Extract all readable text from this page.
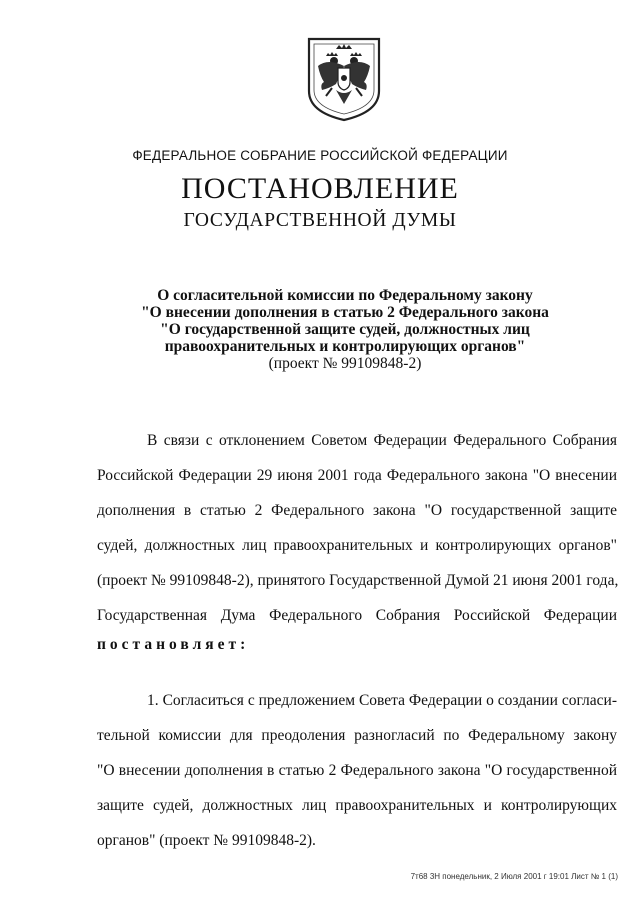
ФЕДЕРАЛЬНОЕ СОБРАНИЕ РОССИЙСКОЙ ФЕДЕРАЦИИ
ПОСТАНОВЛЕНИЕ
ГОСУДАРСТВЕННОЙ ДУМЫ
О согласительной комиссии по Федеральному закону
"О внесении дополнения в статью 2 Федерального закона
"О государственной защите судей, должностных лиц
правоохранительных и контролирующих органов"
(проект № 99109848-2)
В связи с отклонением Советом Федерации Федерального Собрания
Российской Федерации 29 июня 2001 года Федерального закона "О внесении
дополнения в статью 2 Федерального закона "О государственной защите
судей, должностных лиц правоохранительных и контролирующих органов"
(проект № 99109848-2), принятого Государственной Думой 21 июня 2001 года,
Государственная Дума Федерального Собрания Российской Федерации
постановляет:
1. Согласиться с предложением Совета Федерации о создании согласи-
тельной комиссии для преодоления разногласий по Федеральному закону
"О внесении дополнения в статью 2 Федерального закона "О государственной
защите судей, должностных лиц правоохранительных и контролирующих
органов" (проект № 99109848-2).
7т68 3Н понедельник, 2 Июля 2001 г 19:01 Лист № 1 (1)
